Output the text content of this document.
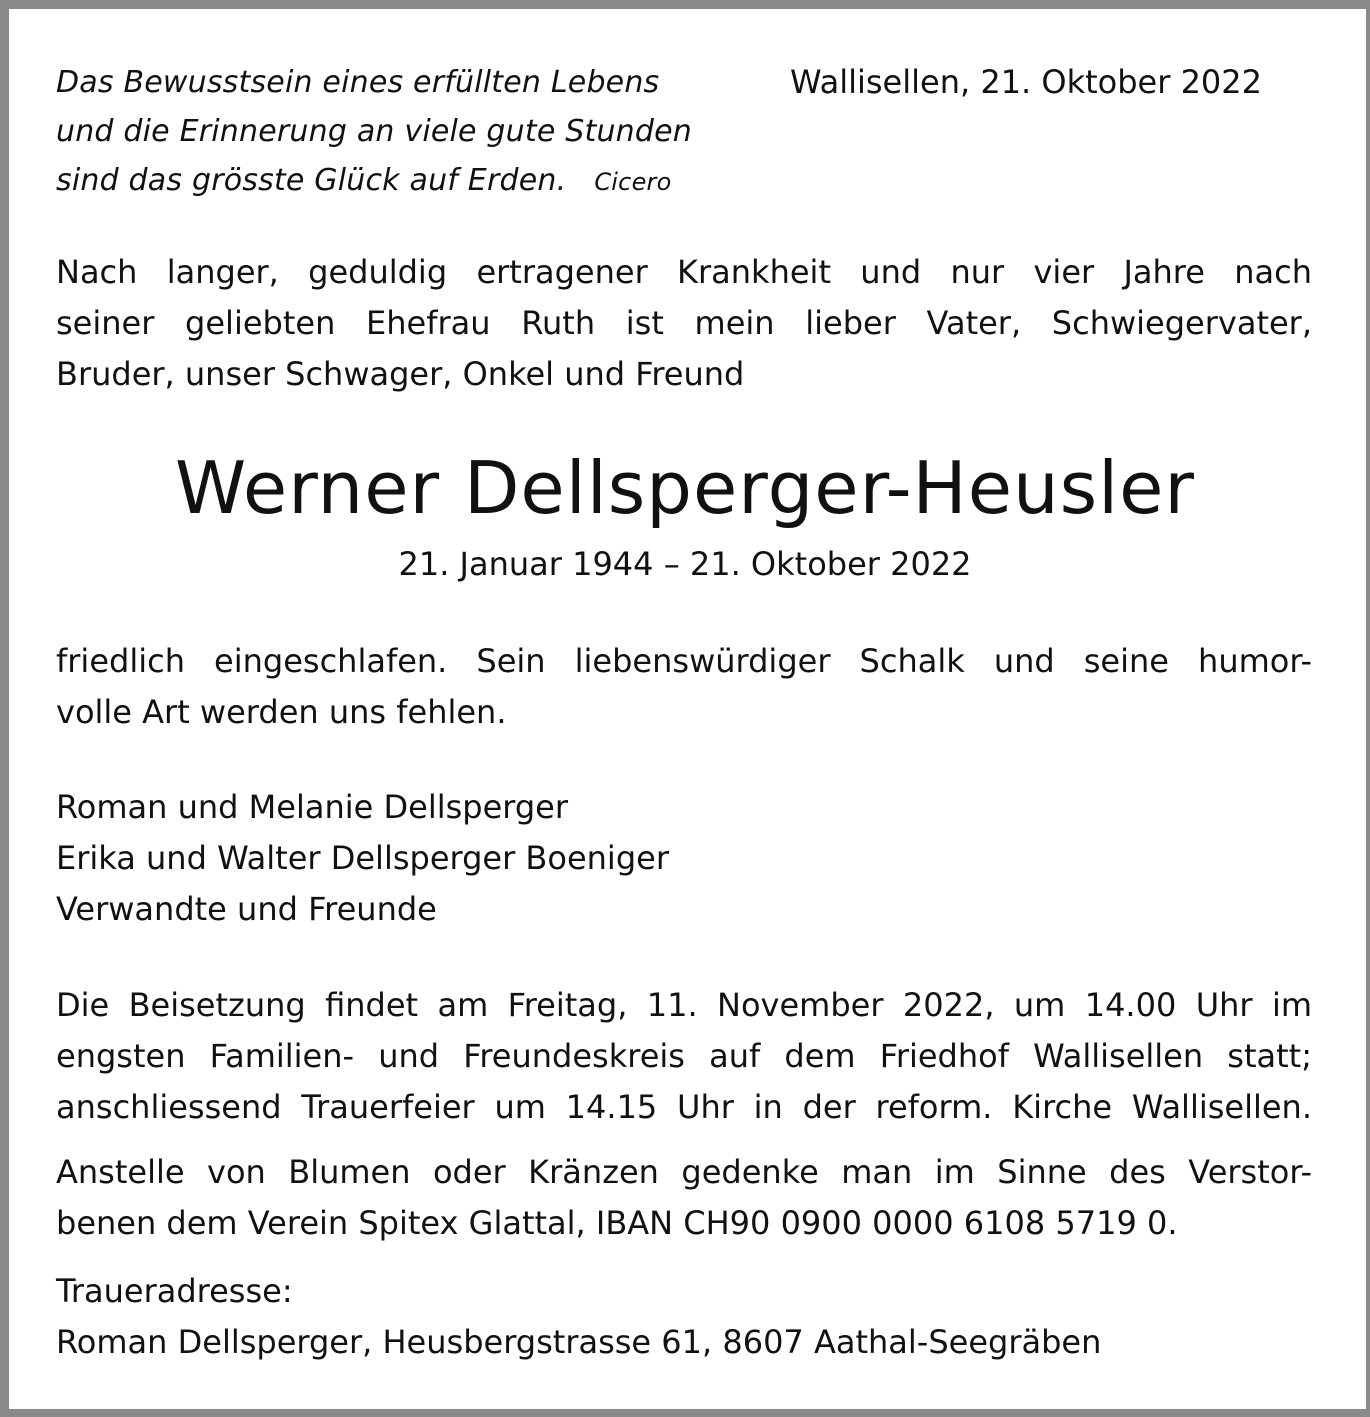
Das Bewusstsein eines erfüllten Lebens
und die Erinnerung an viele gute Stunden
sind das grösste Glück auf Erden. Cicero
Wallisellen, 21. Oktober 2022
Nach langer, geduldig ertragener Krankheit und nur vier Jahre nach
seiner geliebten Ehefrau Ruth ist mein lieber Vater, Schwiegervater,
Bruder, unser Schwager, Onkel und Freund
Werner Dellsperger-Heusler
21. Januar 1944 – 21. Oktober 2022
friedlich eingeschlafen. Sein liebenswürdiger Schalk und seine humor-
volle Art werden uns fehlen.
Roman und Melanie Dellsperger
Erika und Walter Dellsperger Boeniger
Verwandte und Freunde
Die Beisetzung findet am Freitag, 11. November 2022, um 14.00 Uhr im
engsten Familien- und Freundeskreis auf dem Friedhof Wallisellen statt;
anschliessend Trauerfeier um 14.15 Uhr in der reform. Kirche Wallisellen.
Anstelle von Blumen oder Kränzen gedenke man im Sinne des Verstor-
benen dem Verein Spitex Glattal, IBAN CH90 0900 0000 6108 5719 0.
Traueradresse:
Roman Dellsperger, Heusbergstrasse 61, 8607 Aathal-Seegräben
